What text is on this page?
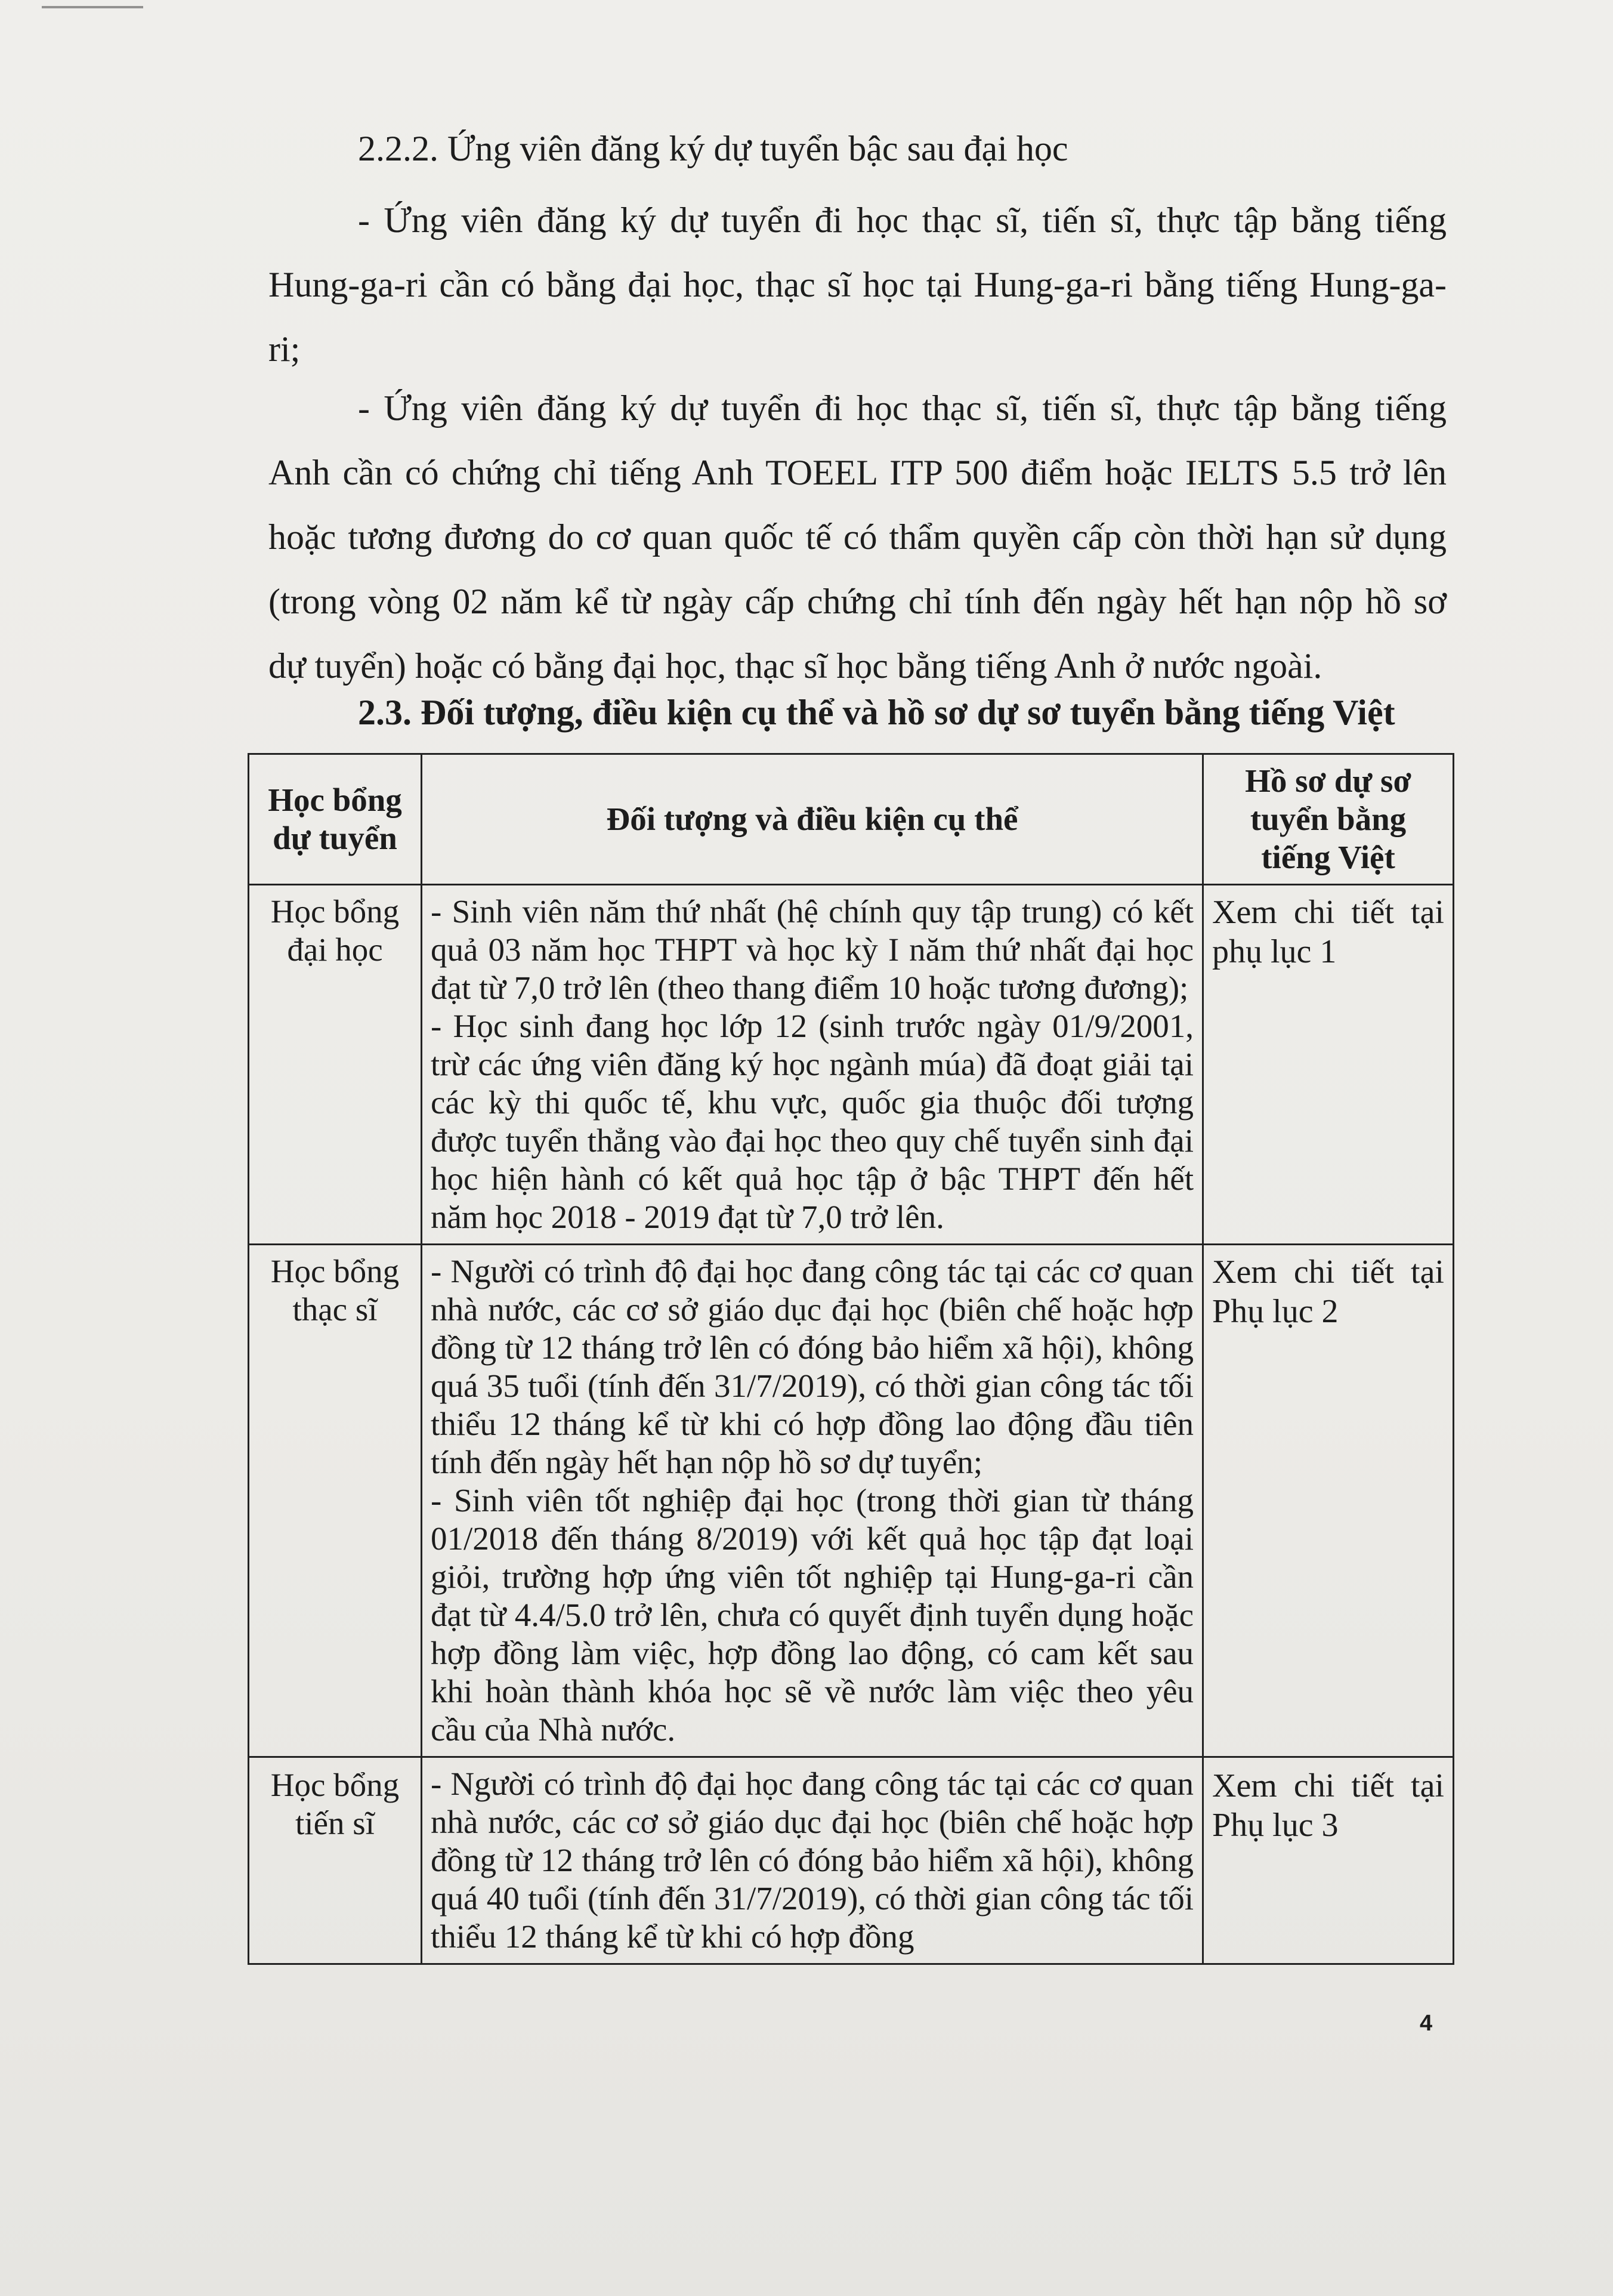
2.2.2. Ứng viên đăng ký dự tuyển bậc sau đại học

- Ứng viên đăng ký dự tuyển đi học thạc sĩ, tiến sĩ, thực tập bằng tiếng

Hung-ga-ri cần có bằng đại học, thạc sĩ học tại Hung-ga-ri bằng tiếng Hung-ga-

ri;

- Ứng viên đăng ký dự tuyển đi học thạc sĩ, tiến sĩ, thực tập bằng tiếng

Anh cần có chứng chỉ tiếng Anh TOEEL ITP 500 điểm hoặc IELTS 5.5 trở lên

hoặc tương đương do cơ quan quốc tế có thẩm quyền cấp còn thời hạn sử dụng

(trong vòng 02 năm kể từ ngày cấp chứng chỉ tính đến ngày hết hạn nộp hồ sơ

dự tuyển) hoặc có bằng đại học, thạc sĩ học bằng tiếng Anh ở nước ngoài.

2.3. Đối tượng, điều kiện cụ thể và hồ sơ dự sơ tuyển bằng tiếng Việt
Học bổng dự tuyển	Đối tượng và điều kiện cụ thể	Hồ sơ dự sơ tuyển bằng tiếng Việt
Học bổng đại học	- Sinh viên năm thứ nhất (hệ chính quy tập trung) có kết quả 03 năm học THPT và học kỳ I năm thứ nhất đại học đạt từ 7,0 trở lên (theo thang điểm 10 hoặc tương đương);

- Học sinh đang học lớp 12 (sinh trước ngày 01/9/2001, trừ các ứng viên đăng ký học ngành múa) đã đoạt giải tại các kỳ thi quốc tế, khu vực, quốc gia thuộc đối tượng được tuyển thẳng vào đại học theo quy chế tuyển sinh đại học hiện hành có kết quả học tập ở bậc THPT đến hết năm học 2018 - 2019 đạt từ 7,0 trở lên.	Xem chi tiết tại phụ lục 1
Học bổng thạc sĩ	- Người có trình độ đại học đang công tác tại các cơ quan nhà nước, các cơ sở giáo dục đại học (biên chế hoặc hợp đồng từ 12 tháng trở lên có đóng bảo hiểm xã hội), không quá 35 tuổi (tính đến 31/7/2019), có thời gian công tác tối thiểu 12 tháng kể từ khi có hợp đồng lao động đầu tiên tính đến ngày hết hạn nộp hồ sơ dự tuyển;

- Sinh viên tốt nghiệp đại học (trong thời gian từ tháng 01/2018 đến tháng 8/2019) với kết quả học tập đạt loại giỏi, trường hợp ứng viên tốt nghiệp tại Hung-ga-ri cần đạt từ 4.4/5.0 trở lên, chưa có quyết định tuyển dụng hoặc hợp đồng làm việc, hợp đồng lao động, có cam kết sau khi hoàn thành khóa học sẽ về nước làm việc theo yêu cầu của Nhà nước.	Xem chi tiết tại Phụ lục 2
Học bổng tiến sĩ	- Người có trình độ đại học đang công tác tại các cơ quan nhà nước, các cơ sở giáo dục đại học (biên chế hoặc hợp đồng từ 12 tháng trở lên có đóng bảo hiểm xã hội), không quá 40 tuổi (tính đến 31/7/2019), có thời gian công tác tối thiểu 12 tháng kể từ khi có hợp đồng	Xem chi tiết tại Phụ lục 3
4
